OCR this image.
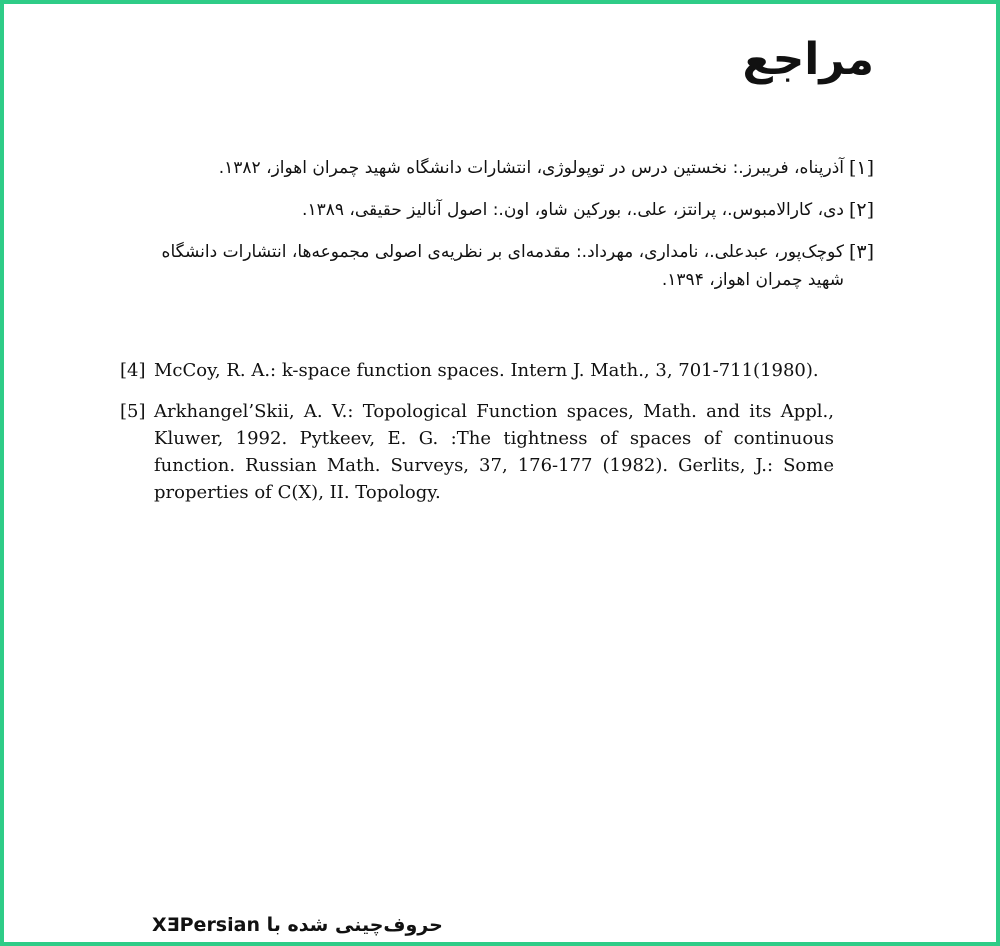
مراجع
[۱]
آذرپناه، فریبرز.: نخستین درس در توپولوژی، انتشارات دانشگاه شهید چمران اهواز، ۱۳۸۲.
[۲]
دی، کارالامبوس.، پرانتز، علی.، بورکین شاو، اون.: اصول آنالیز حقیقی، ۱۳۸۹.
[۳]
کوچک‌پور، عبدعلی.، نامداری، مهرداد.: مقدمه‌ای بر نظریه‌ی اصولی مجموعه‌ها، انتشارات دانشگاه شهید چمران اهواز، ۱۳۹۴.
[4] McCoy, R. A.: k-space function spaces. Intern J. Math., 3, 701-711(1980).
[5] Arkhangel’Skii, A. V.: Topological Function spaces, Math. and its Appl., Kluwer, 1992. Pytkeev, E. G. :The tightness of spaces of continuous function. Russian Math. Surveys, 37, 176-177 (1982). Gerlits, J.: Some properties of C(X), II. Topology.
حروف‌چینی شده با XƎPersian
